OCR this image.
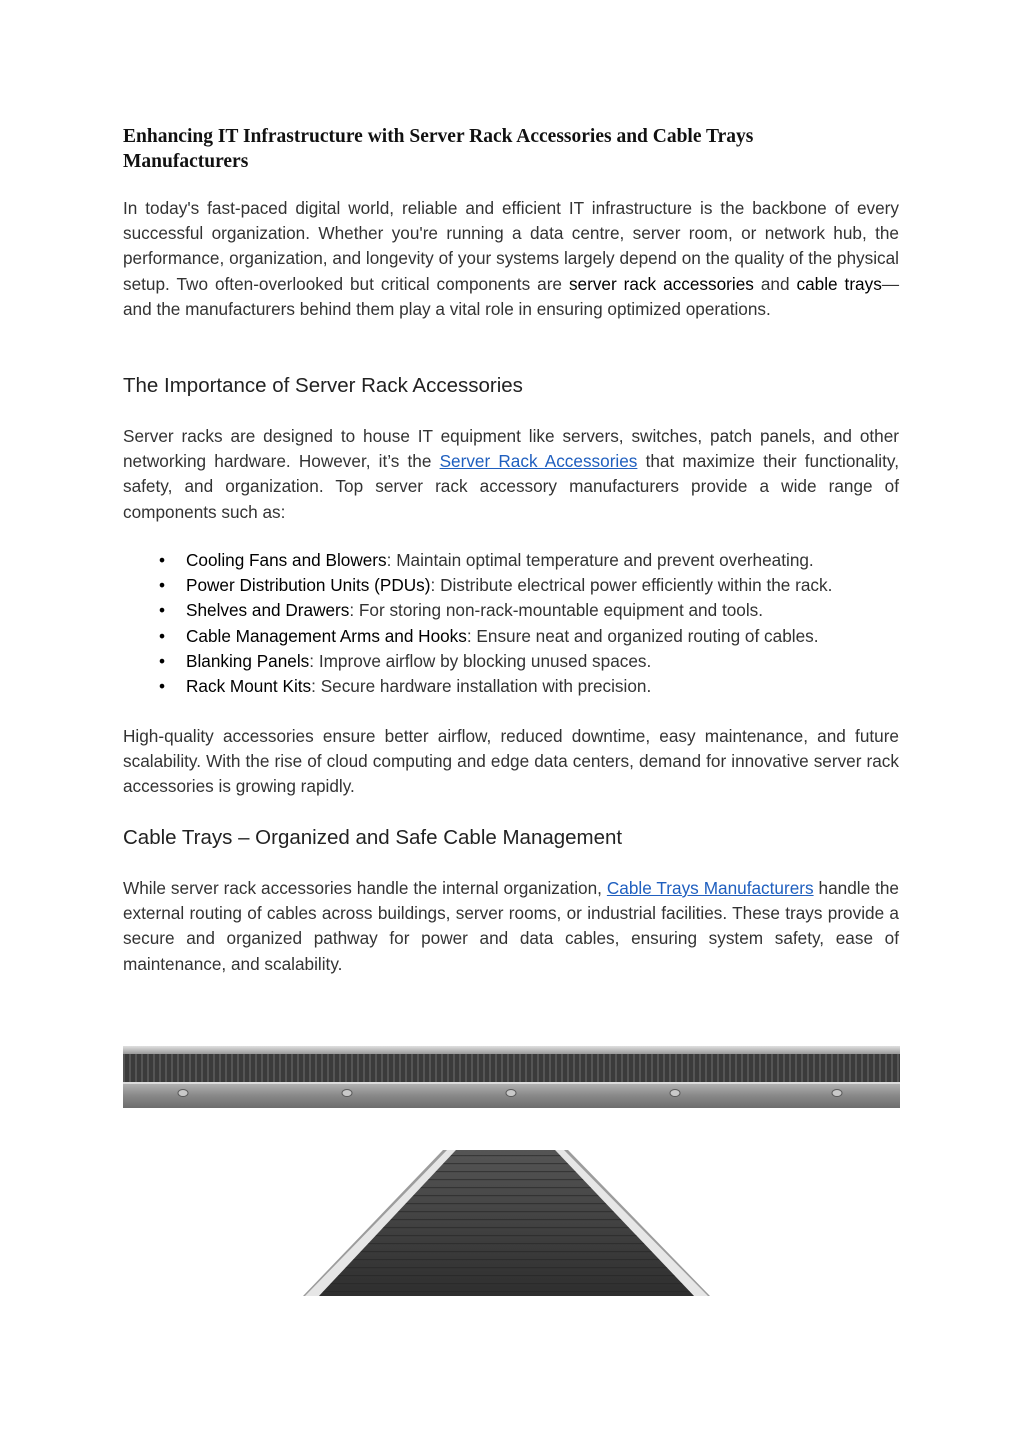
Enhancing IT Infrastructure with Server Rack Accessories and Cable Trays Manufacturers

In today's fast-paced digital world, reliable and efficient IT infrastructure is the backbone of every successful organization. Whether you're running a data centre, server room, or network hub, the performance, organization, and longevity of your systems largely depend on the quality of the physical setup. Two often-overlooked but critical components are server rack accessories and cable trays—and the manufacturers behind them play a vital role in ensuring optimized operations.

The Importance of Server Rack Accessories

Server racks are designed to house IT equipment like servers, switches, patch panels, and other networking hardware. However, it’s the Server Rack Accessories that maximize their functionality, safety, and organization. Top server rack accessory manufacturers provide a wide range of components such as:

• Cooling Fans and Blowers: Maintain optimal temperature and prevent overheating.
• Power Distribution Units (PDUs): Distribute electrical power efficiently within the rack.
• Shelves and Drawers: For storing non-rack-mountable equipment and tools.
• Cable Management Arms and Hooks: Ensure neat and organized routing of cables.
• Blanking Panels: Improve airflow by blocking unused spaces.
• Rack Mount Kits: Secure hardware installation with precision.

High-quality accessories ensure better airflow, reduced downtime, easy maintenance, and future scalability. With the rise of cloud computing and edge data centers, demand for innovative server rack accessories is growing rapidly.

Cable Trays – Organized and Safe Cable Management

While server rack accessories handle the internal organization, Cable Trays Manufacturers handle the external routing of cables across buildings, server rooms, or industrial facilities. These trays provide a secure and organized pathway for power and data cables, ensuring system safety, ease of maintenance, and scalability.
